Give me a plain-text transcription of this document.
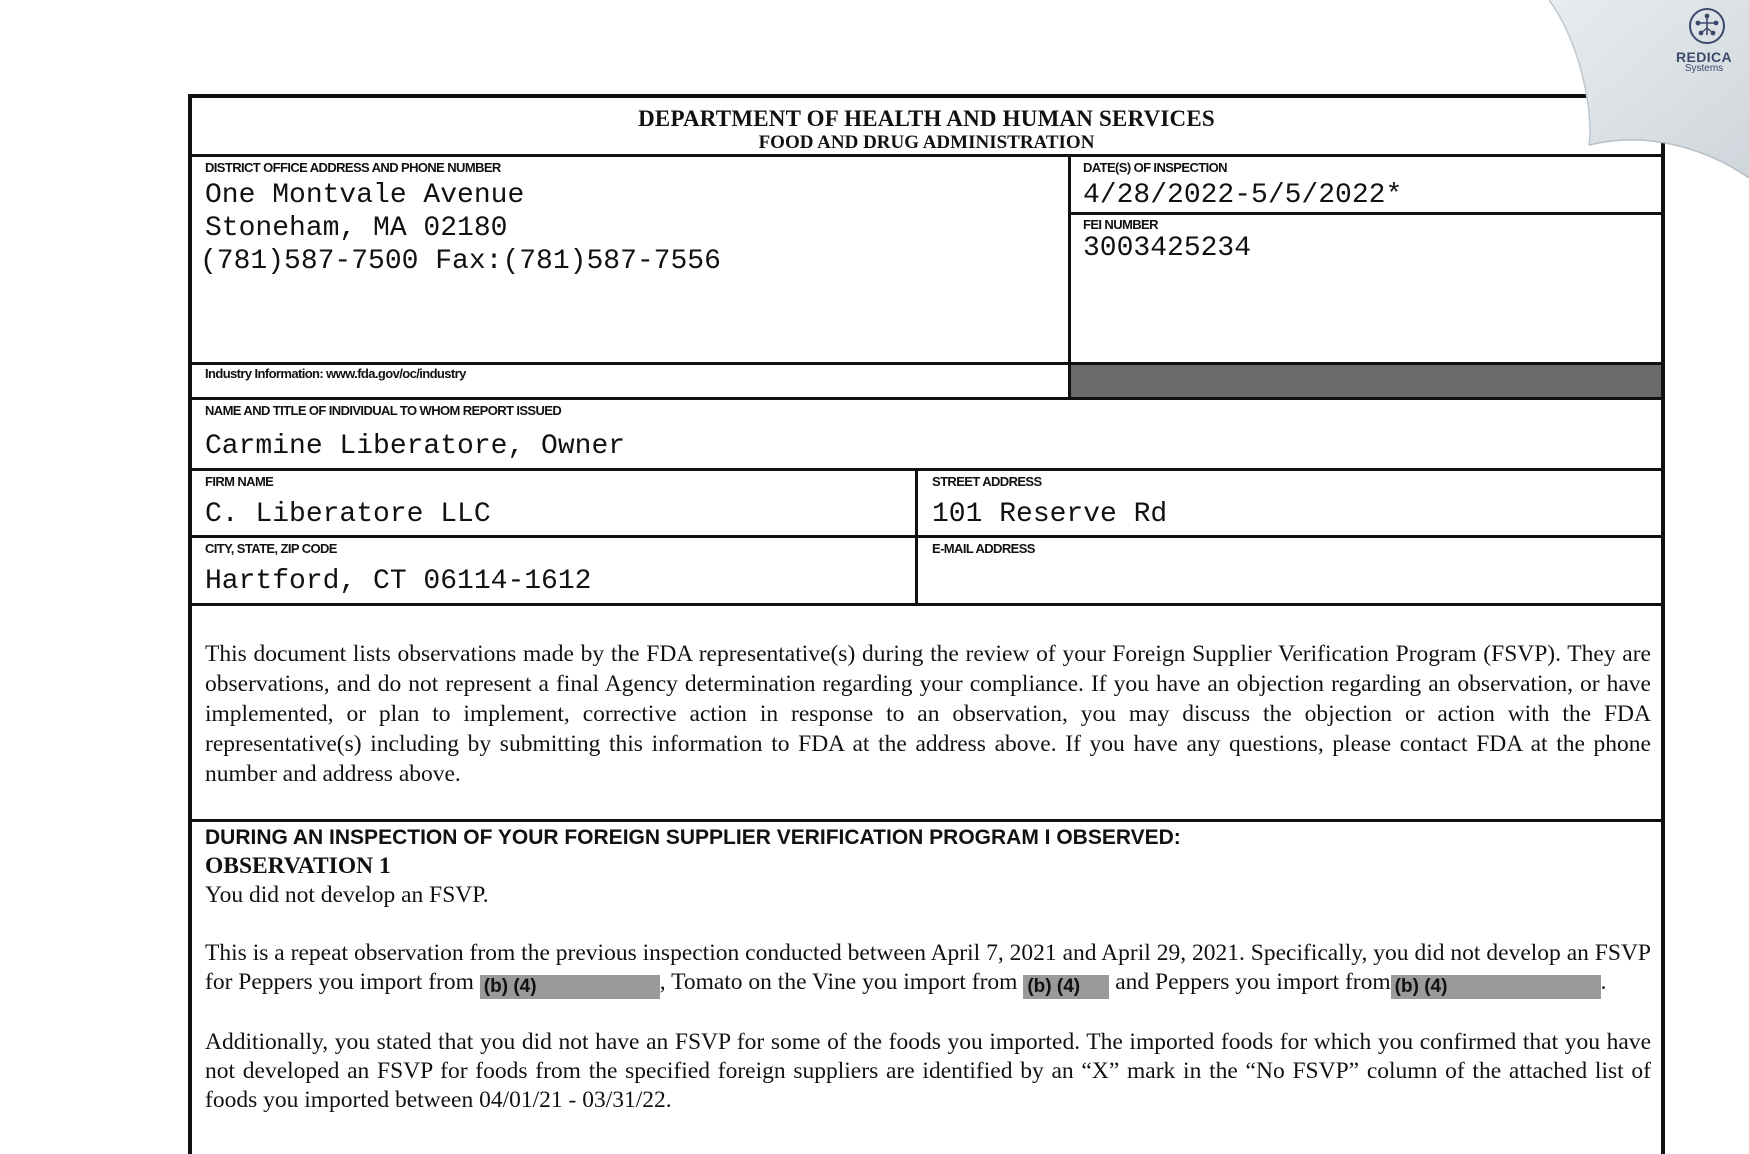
DEPARTMENT OF HEALTH AND HUMAN SERVICES
FOOD AND DRUG ADMINISTRATION
DISTRICT OFFICE ADDRESS AND PHONE NUMBER
One Montvale Avenue
Stoneham, MA 02180
(781)587-7500 Fax:(781)587-7556
DATE(S) OF INSPECTION
4/28/2022-5/5/2022*
FEI NUMBER
3003425234
Industry Information: www.fda.gov/oc/industry
NAME AND TITLE OF INDIVIDUAL TO WHOM REPORT ISSUED
Carmine Liberatore, Owner
FIRM NAME
C. Liberatore LLC
STREET ADDRESS
101 Reserve Rd
CITY, STATE, ZIP CODE
Hartford, CT 06114-1612
E-MAIL ADDRESS
This document lists observations made by the FDA representative(s) during the review of your Foreign Supplier Verification Program (FSVP). They are observations, and do not represent a final Agency determination regarding your compliance. If you have an objection regarding an observation, or have implemented, or plan to implement, corrective action in response to an observation, you may discuss the objection or action with the FDA representative(s) including by submitting this information to FDA at the address above. If you have any questions, please contact FDA at the phone number and address above.
DURING AN INSPECTION OF YOUR FOREIGN SUPPLIER VERIFICATION PROGRAM I OBSERVED:
OBSERVATION 1
You did not develop an FSVP.
This is a repeat observation from the previous inspection conducted between April 7, 2021 and April 29, 2021. Specifically, you did not develop an FSVP for Peppers you import from (b) (4)	, Tomato on the Vine you import from (b) (4) and Peppers you import from (b) (4)	.
Additionally, you stated that you did not have an FSVP for some of the foods you imported. The imported foods for which you confirmed that you have not developed an FSVP for foods from the specified foreign suppliers are identified by an “X” mark in the “No FSVP” column of the attached list of foods you imported between 04/01/21 - 03/31/22.
REDICA
Systems
